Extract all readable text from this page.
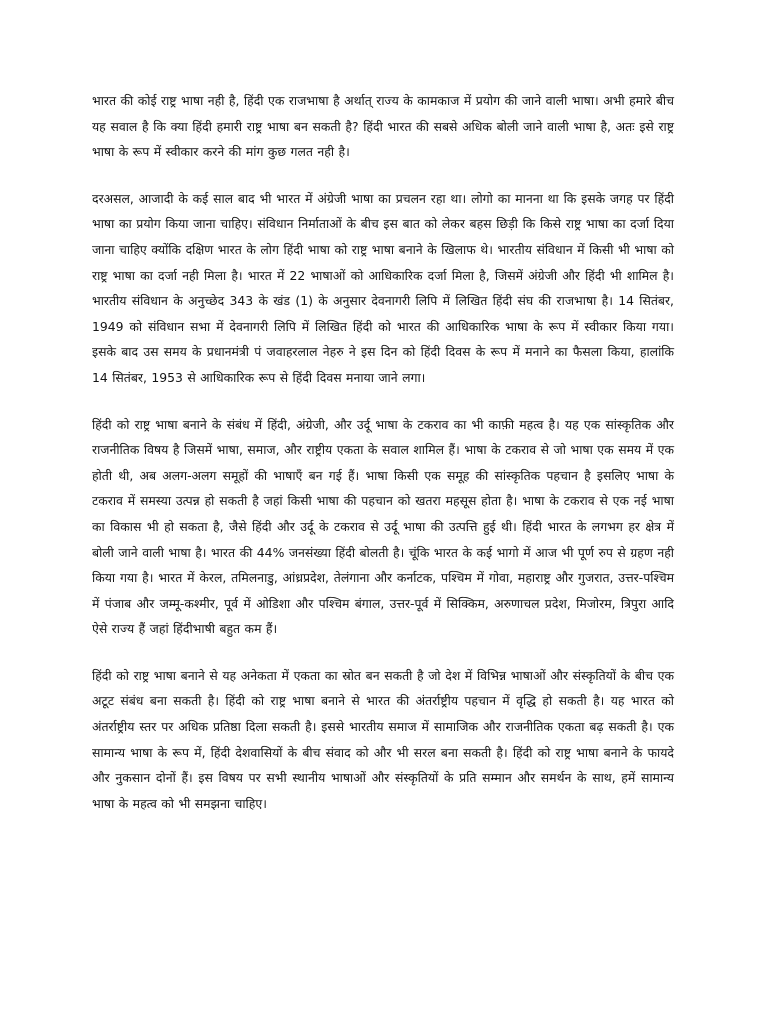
भारत की कोई राष्ट्र भाषा नही है, हिंदी एक राजभाषा है अर्थात् राज्य के कामकाज में प्रयोग की जाने वाली भाषा। अभी हमारे बीच यह सवाल है कि क्या हिंदी हमारी राष्ट्र भाषा बन सकती है? हिंदी भारत की सबसे अधिक बोली जाने वाली भाषा है, अतः इसे राष्ट्र भाषा के रूप में स्वीकार करने की मांग कुछ गलत नही है।

दरअसल, आजादी के कई साल बाद भी भारत में अंग्रेजी भाषा का प्रचलन रहा था। लोगो का मानना था कि इसके जगह पर हिंदी भाषा का प्रयोग किया जाना चाहिए। संविधान निर्माताओं के बीच इस बात को लेकर बहस छिड़ी कि किसे राष्ट्र भाषा का दर्जा दिया जाना चाहिए क्योंकि दक्षिण भारत के लोग हिंदी भाषा को राष्ट्र भाषा बनाने के खिलाफ थे। भारतीय संविधान में किसी भी भाषा को राष्ट्र भाषा का दर्जा नही मिला है। भारत में 22 भाषाओं को आधिकारिक दर्जा मिला है, जिसमें अंग्रेजी और हिंदी भी शामिल है। भारतीय संविधान के अनुच्छेद 343 के खंड (1) के अनुसार देवनागरी लिपि में लिखित हिंदी संघ की राजभाषा है। 14 सितंबर, 1949 को संविधान सभा में देवनागरी लिपि में लिखित हिंदी को भारत की आधिकारिक भाषा के रूप में स्वीकार किया गया। इसके बाद उस समय के प्रधानमंत्री पं जवाहरलाल नेहरु ने इस दिन को हिंदी दिवस के रूप में मनाने का फैसला किया, हालांकि 14 सितंबर, 1953 से आधिकारिक रूप से हिंदी दिवस मनाया जाने लगा।

हिंदी को राष्ट्र भाषा बनाने के संबंध में हिंदी, अंग्रेजी, और उर्दू भाषा के टकराव का भी काफ़ी महत्व है। यह एक सांस्कृतिक और राजनीतिक विषय है जिसमें भाषा, समाज, और राष्ट्रीय एकता के सवाल शामिल हैं। भाषा के टकराव से जो भाषा एक समय में एक होती थी, अब अलग-अलग समूहों की भाषाएँ बन गई हैं। भाषा किसी एक समूह की सांस्कृतिक पहचान है इसलिए भाषा के टकराव में समस्या उत्पन्न हो सकती है जहां किसी भाषा की पहचान को खतरा महसूस होता है। भाषा के टकराव से एक नई भाषा का विकास भी हो सकता है, जैसे हिंदी और उर्दू के टकराव से उर्दू भाषा की उत्पत्ति हुई थी। हिंदी भारत के लगभग हर क्षेत्र में बोली जाने वाली भाषा है। भारत की 44% जनसंख्या हिंदी बोलती है। चूंकि भारत के कई भागो में आज भी पूर्ण रुप से ग्रहण नही किया गया है। भारत में केरल, तमिलनाडु, आंध्रप्रदेश, तेलंगाना और कर्नाटक, पश्चिम में गोवा, महाराष्ट्र और गुजरात, उत्तर-पश्चिम में पंजाब और जम्मू-कश्मीर, पूर्व में ओडिशा और पश्चिम बंगाल, उत्तर-पूर्व में सिक्किम, अरुणाचल प्रदेश, मिजोरम, त्रिपुरा आदि ऐसे राज्य हैं जहां हिंदीभाषी बहुत कम हैं।

हिंदी को राष्ट्र भाषा बनाने से यह अनेकता में एकता का स्रोत बन सकती है जो देश में विभिन्न भाषाओं और संस्कृतियों के बीच एक अटूट संबंध बना सकती है। हिंदी को राष्ट्र भाषा बनाने से भारत की अंतर्राष्ट्रीय पहचान में वृद्धि हो सकती है। यह भारत को अंतर्राष्ट्रीय स्तर पर अधिक प्रतिष्ठा दिला सकती है। इससे भारतीय समाज में सामाजिक और राजनीतिक एकता बढ़ सकती है। एक सामान्य भाषा के रूप में, हिंदी देशवासियों के बीच संवाद को और भी सरल बना सकती है। हिंदी को राष्ट्र भाषा बनाने के फायदे और नुकसान दोनों हैं। इस विषय पर सभी स्थानीय भाषाओं और संस्कृतियों के प्रति सम्मान और समर्थन के साथ, हमें सामान्य भाषा के महत्व को भी समझना चाहिए।
